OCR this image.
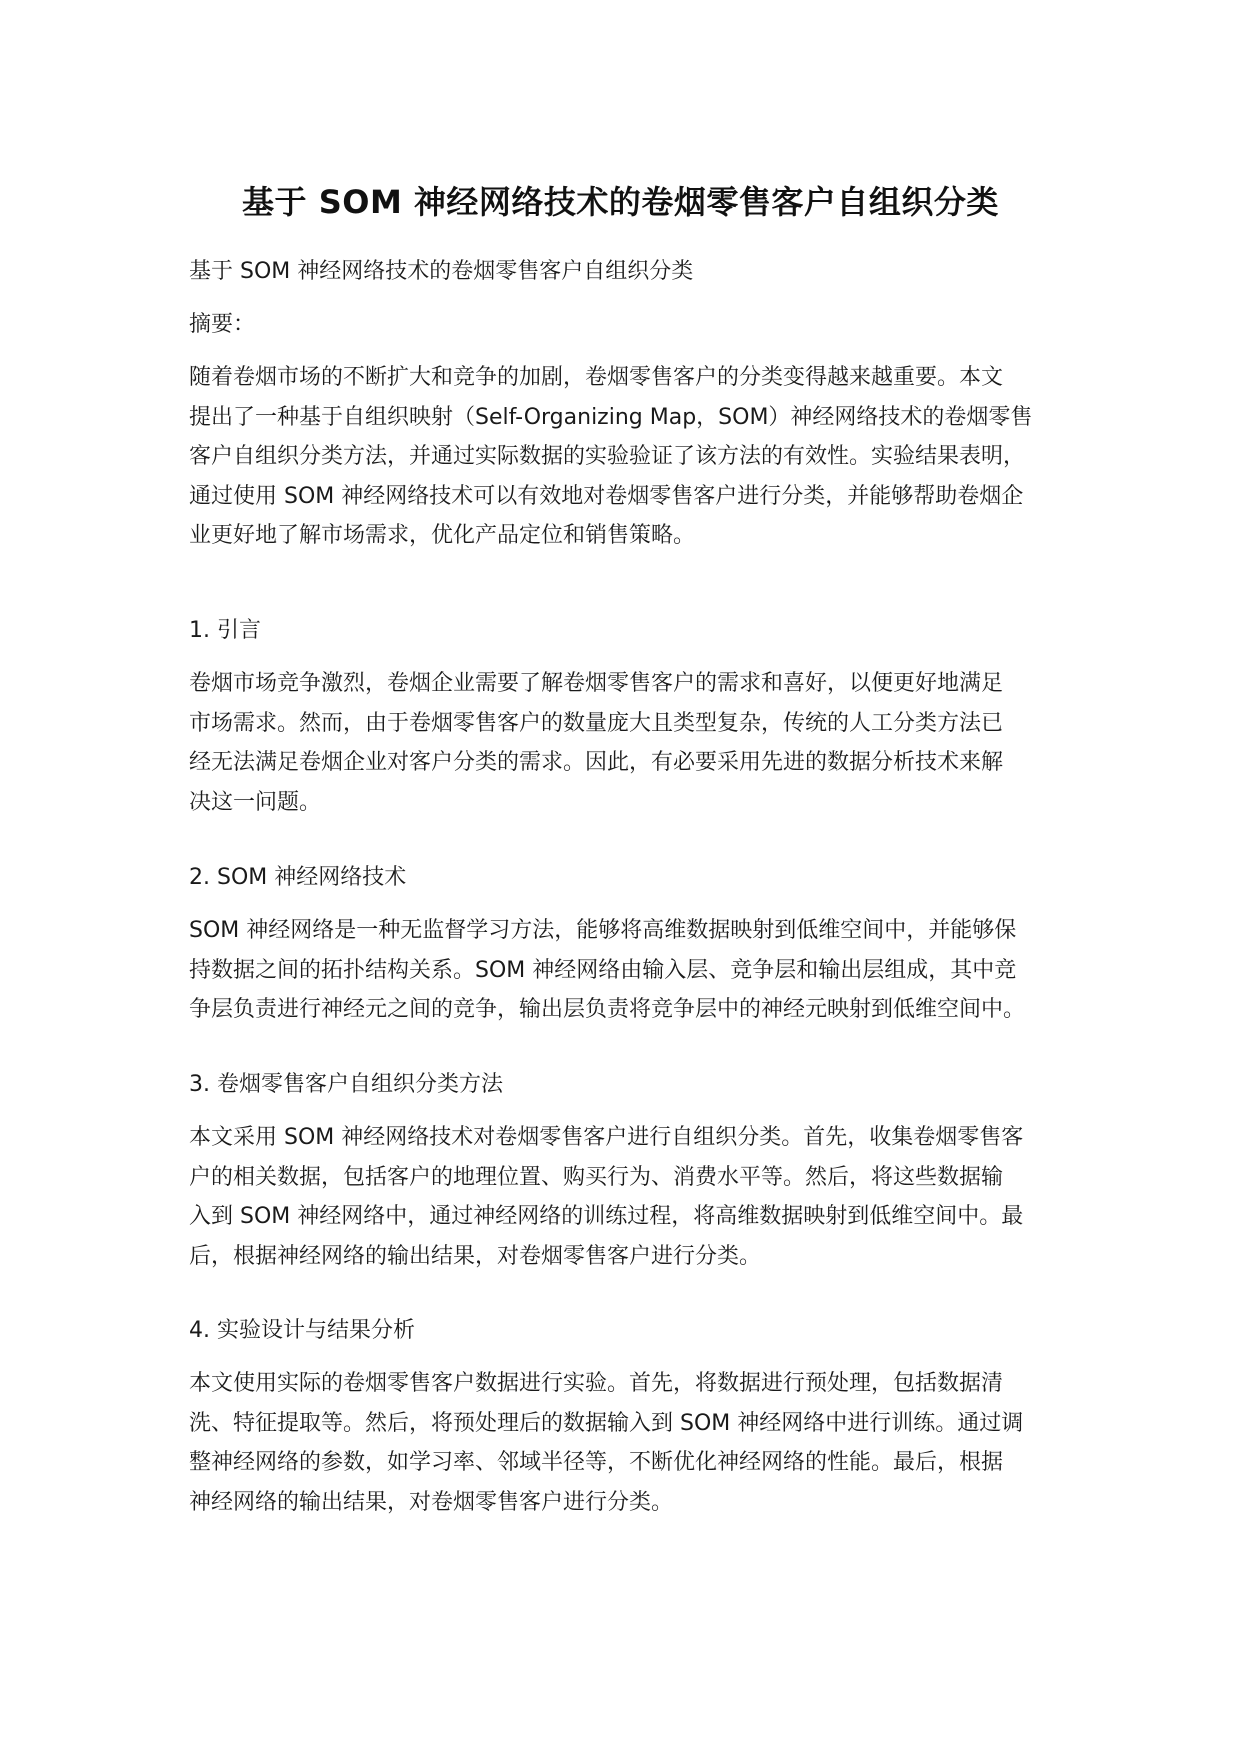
基于 SOM 神经网络技术的卷烟零售客户自组织分类

基于 SOM 神经网络技术的卷烟零售客户自组织分类

摘要：

随着卷烟市场的不断扩大和竞争的加剧，卷烟零售客户的分类变得越来越重要。本文
提出了一种基于自组织映射（Self-Organizing Map，SOM）神经网络技术的卷烟零售
客户自组织分类方法，并通过实际数据的实验验证了该方法的有效性。实验结果表明，
通过使用 SOM 神经网络技术可以有效地对卷烟零售客户进行分类，并能够帮助卷烟企
业更好地了解市场需求，优化产品定位和销售策略。

1. 引言

卷烟市场竞争激烈，卷烟企业需要了解卷烟零售客户的需求和喜好，以便更好地满足
市场需求。然而，由于卷烟零售客户的数量庞大且类型复杂，传统的人工分类方法已
经无法满足卷烟企业对客户分类的需求。因此，有必要采用先进的数据分析技术来解
决这一问题。

2. SOM 神经网络技术

SOM 神经网络是一种无监督学习方法，能够将高维数据映射到低维空间中，并能够保
持数据之间的拓扑结构关系。SOM 神经网络由输入层、竞争层和输出层组成，其中竞
争层负责进行神经元之间的竞争，输出层负责将竞争层中的神经元映射到低维空间中。

3. 卷烟零售客户自组织分类方法

本文采用 SOM 神经网络技术对卷烟零售客户进行自组织分类。首先，收集卷烟零售客
户的相关数据，包括客户的地理位置、购买行为、消费水平等。然后，将这些数据输
入到 SOM 神经网络中，通过神经网络的训练过程，将高维数据映射到低维空间中。最
后，根据神经网络的输出结果，对卷烟零售客户进行分类。

4. 实验设计与结果分析

本文使用实际的卷烟零售客户数据进行实验。首先，将数据进行预处理，包括数据清
洗、特征提取等。然后，将预处理后的数据输入到 SOM 神经网络中进行训练。通过调
整神经网络的参数，如学习率、邻域半径等，不断优化神经网络的性能。最后，根据
神经网络的输出结果，对卷烟零售客户进行分类。
